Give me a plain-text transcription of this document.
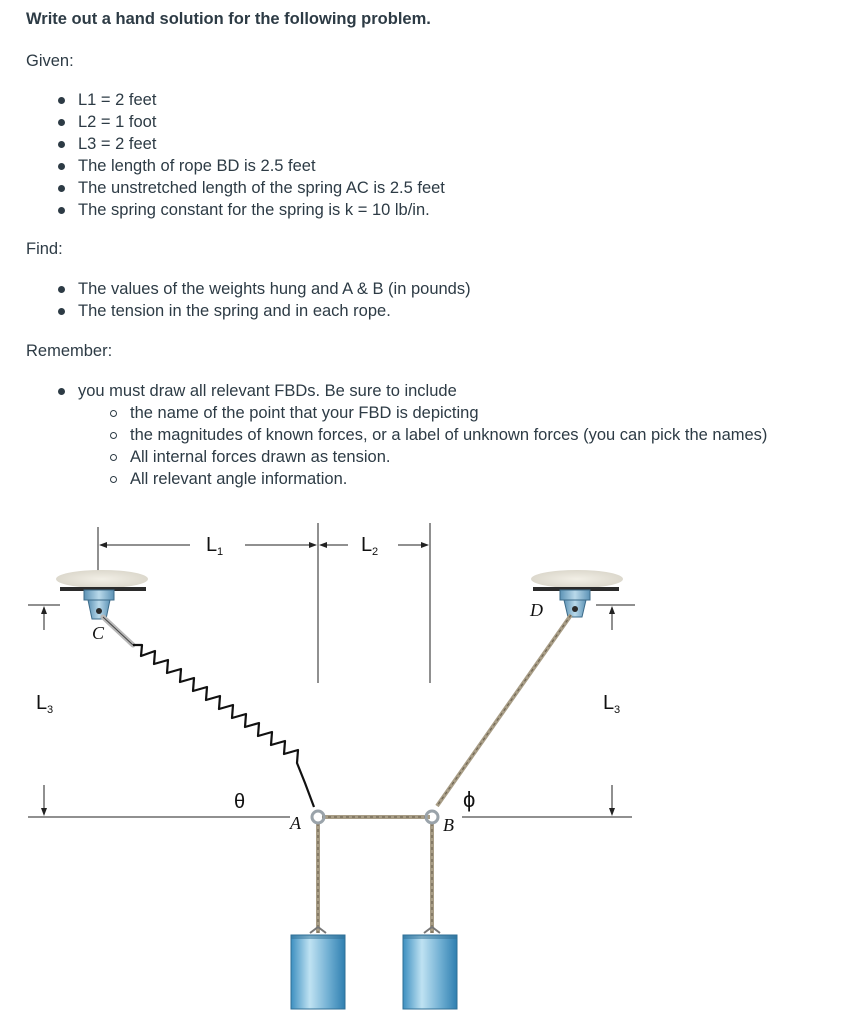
Write out a hand solution for the following problem.

Given:

L1 = 2 feet
L2 = 1 foot
L3 = 2 feet
The length of rope BD is 2.5 feet
The unstretched length of the spring AC is 2.5 feet
The spring constant for the spring is k = 10 lb/in.

Find:

The values of the weights hung and A & B (in pounds)
The tension in the spring and in each rope.

Remember:

you must draw all relevant FBDs. Be sure to include
the name of the point that your FBD is depicting
the magnitudes of known forces, or a label of unknown forces (you can pick the names)
All internal forces drawn as tension.
All relevant angle information.
L 1	L 2
L 3	L 3
C
D
A	B
θ	ϕ
